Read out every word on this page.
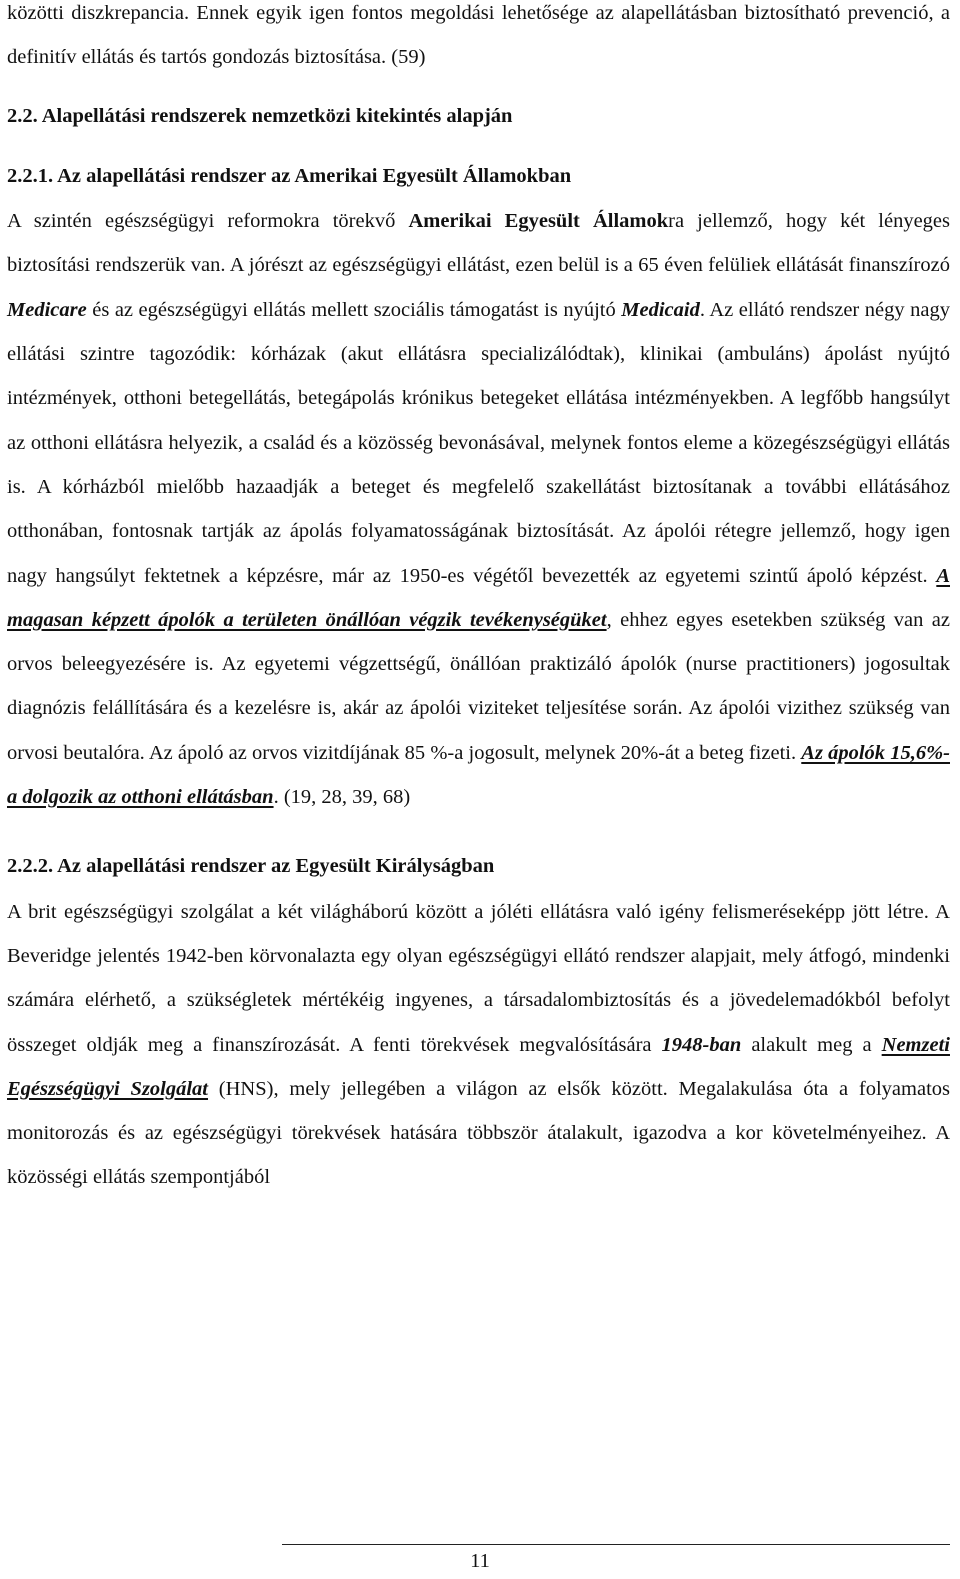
közötti diszkrepancia. Ennek egyik igen fontos megoldási lehetősége az alapellátásban biztosítható prevenció, a definitív ellátás és tartós gondozás biztosítása. (59)

2.2. Alapellátási rendszerek nemzetközi kitekintés alapján

2.2.1. Az alapellátási rendszer az Amerikai Egyesült Államokban

A szintén egészségügyi reformokra törekvő Amerikai Egyesült Államokra jellemző, hogy két lényeges biztosítási rendszerük van. A jórészt az egészségügyi ellátást, ezen belül is a 65 éven felüliek ellátását finanszírozó Medicare és az egészségügyi ellátás mellett szociális támogatást is nyújtó Medicaid. Az ellátó rendszer négy nagy ellátási szintre tagozódik: kórházak (akut ellátásra specializálódtak), klinikai (ambuláns) ápolást nyújtó intézmények, otthoni betegellátás, betegápolás krónikus betegeket ellátása intézményekben. A legfőbb hangsúlyt az otthoni ellátásra helyezik, a család és a közösség bevonásával, melynek fontos eleme a közegészségügyi ellátás is. A kórházból mielőbb hazaadják a beteget és megfelelő szakellátást biztosítanak a további ellátásához otthonában, fontosnak tartják az ápolás folyamatosságának biztosítását. Az ápolói rétegre jellemző, hogy igen nagy hangsúlyt fektetnek a képzésre, már az 1950-es végétől bevezették az egyetemi szintű ápoló képzést. A magasan képzett ápolók a területen önállóan végzik tevékenységüket, ehhez egyes esetekben szükség van az orvos beleegyezésére is. Az egyetemi végzettségű, önállóan praktizáló ápolók (nurse practitioners) jogosultak diagnózis felállítására és a kezelésre is, akár az ápolói viziteket teljesítése során. Az ápolói vizithez szükség van orvosi beutalóra. Az ápoló az orvos vizitdíjának 85 %-a jogosult, melynek 20%-át a beteg fizeti. Az ápolók 15,6%-a dolgozik az otthoni ellátásban. (19, 28, 39, 68)

2.2.2. Az alapellátási rendszer az Egyesült Királyságban

A brit egészségügyi szolgálat a két világháború között a jóléti ellátásra való igény felismeréseképp jött létre. A Beveridge jelentés 1942-ben körvonalazta egy olyan egészségügyi ellátó rendszer alapjait, mely átfogó, mindenki számára elérhető, a szükségletek mértékéig ingyenes, a társadalombiztosítás és a jövedelemadókból befolyt összeget oldják meg a finanszírozását. A fenti törekvések megvalósítására 1948-ban alakult meg a Nemzeti Egészségügyi Szolgálat (HNS), mely jellegében a világon az elsők között. Megalakulása óta a folyamatos monitorozás és az egészségügyi törekvések hatására többször átalakult, igazodva a kor követelményeihez. A közösségi ellátás szempontjából

11
